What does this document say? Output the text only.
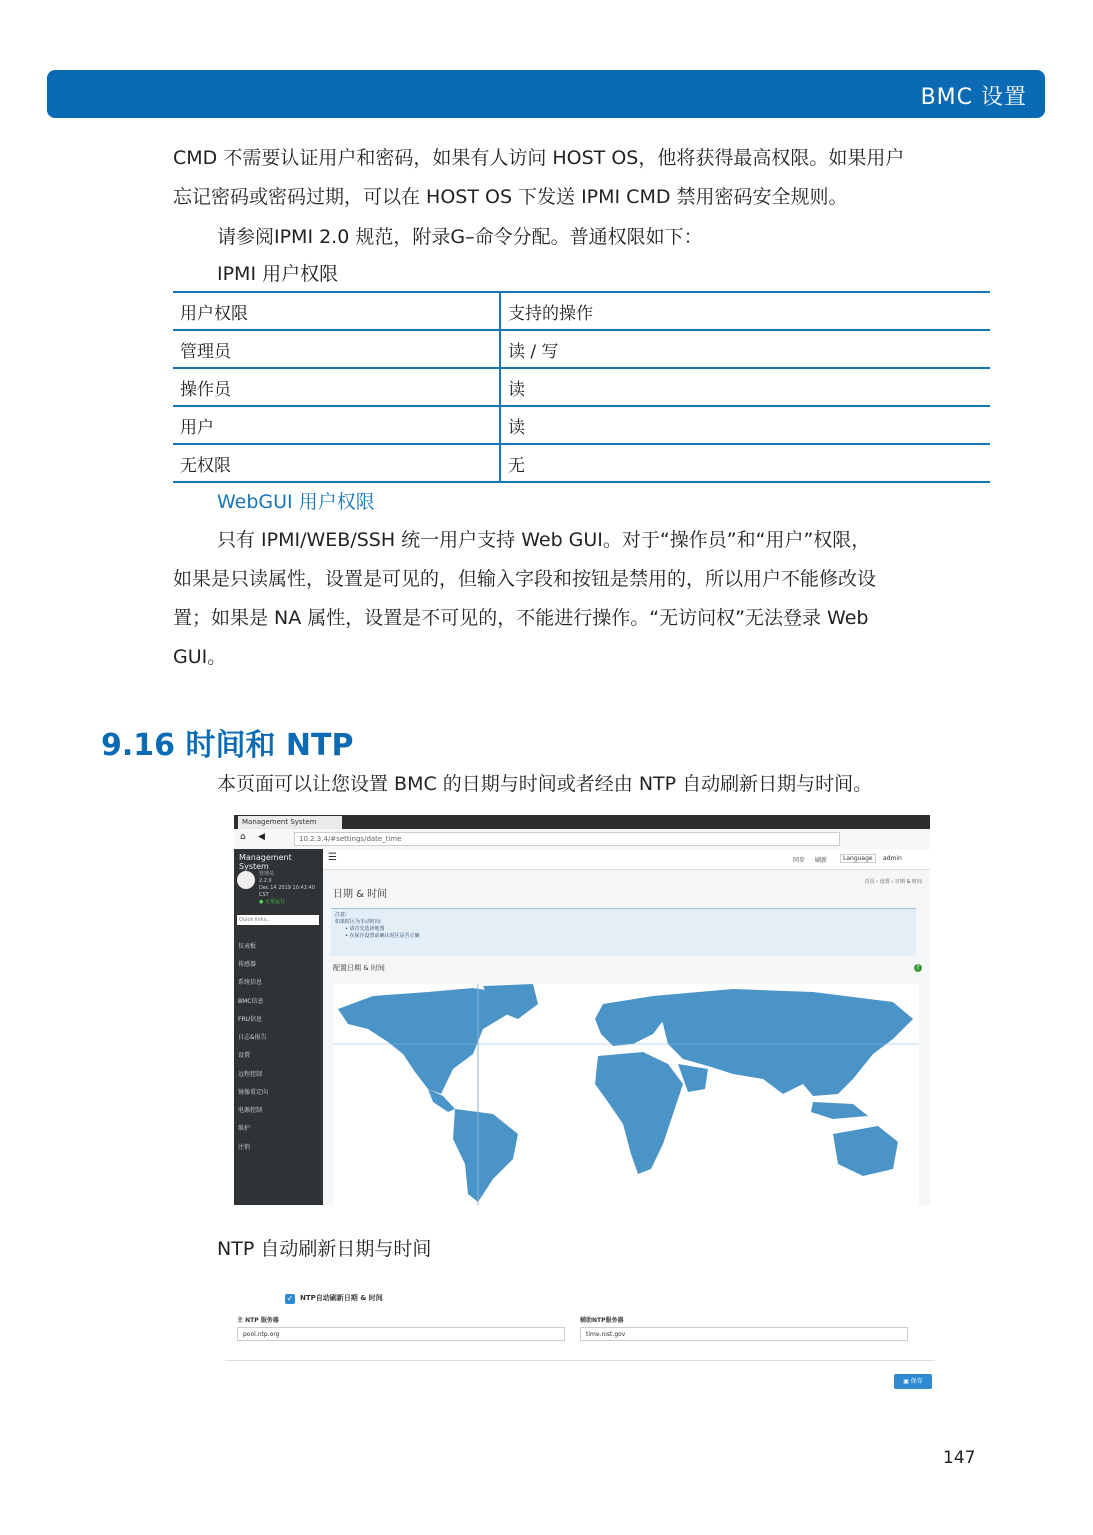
BMC 设置
CMD 不需要认证用户和密码，如果有人访问 HOST OS，他将获得最高权限。如果用户
忘记密码或密码过期，可以在 HOST OS 下发送 IPMI CMD 禁用密码安全规则。
请参阅IPMI 2.0 规范，附录G–命令分配。普通权限如下：
IPMI 用户权限
用户权限	支持的操作
管理员	读 / 写
操作员	读
用户	读
无权限	无
WebGUI 用户权限
只有 IPMI/WEB/SSH 统一用户支持 Web GUI。对于“操作员”和“用户”权限，
如果是只读属性，设置是可见的，但输入字段和按钮是禁用的，所以用户不能修改设
置；如果是 NA 属性，设置是不可见的，不能进行操作。“无访问权”无法登录 Web
GUI。
9.16 时间和 NTP
本页面可以让您设置 BMC 的日期与时间或者经由 NTP 自动刷新日期与时间。
Management System
⌂ ◀	10.2.3.4/#settings/date_time
Management System
管理员
2.2.0
Dec 14 2019 10:42:40 CST
● 正常运行
Quick links...
仪表板
传感器
系统信息
BMC信息
FRU信息
日志&报告
设置
远程控制
镜像重定向
电源控制
维护
注销
☰	同步 刷新	Language	admin
日期 & 时间
首页 › 设置 › 日期 & 时间
注意:
如果时区为手动时间:
• 请首先选择地图
• 在保存设置前确认时区是否正确
配置日期 & 时间	?
NTP 自动刷新日期与时间
✓ NTP自动刷新日期 & 时间
主 NTP 服务器
pool.ntp.org
辅助NTP服务器
time.nist.gov
▣ 保存
147
